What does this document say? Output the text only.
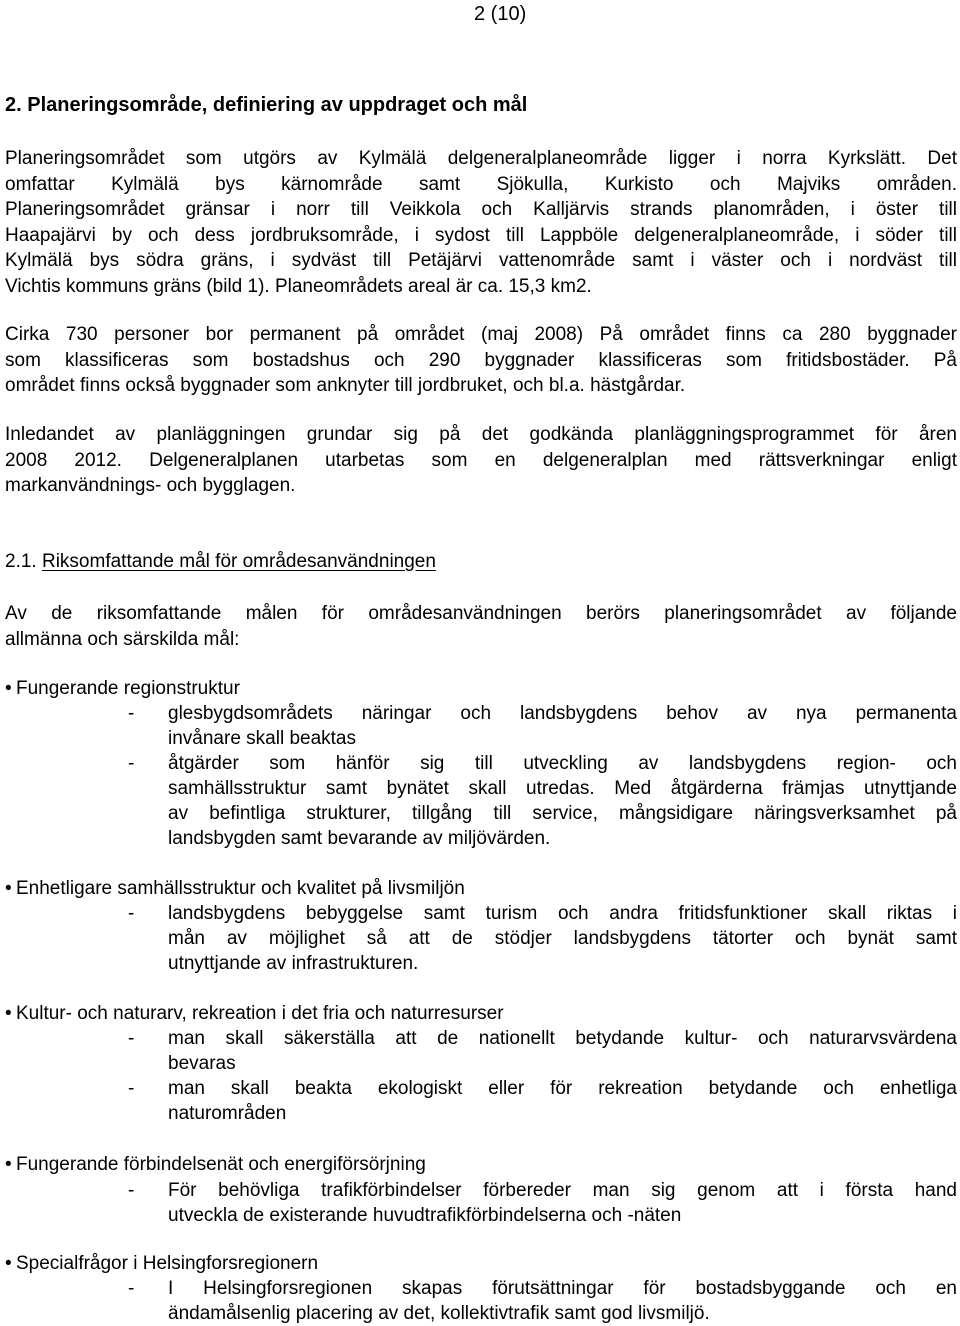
2 (10)
2. Planeringsområde, definiering av uppdraget och mål
Planeringsområdet som utgörs av Kylmälä delgeneralplaneområde ligger i norra Kyrkslätt. Det
omfattar Kylmälä bys kärnområde samt Sjökulla, Kurkisto och Majviks områden.
Planeringsområdet gränsar i norr till Veikkola och Kalljärvis strands planområden, i öster till
Haapajärvi by och dess jordbruksområde, i sydost till Lappböle delgeneralplaneområde, i söder till
Kylmälä bys södra gräns, i sydväst till Petäjärvi vattenområde samt i väster och i nordväst till
Vichtis kommuns gräns (bild 1). Planeområdets areal är ca. 15,3 km2.
Cirka 730 personer bor permanent på området (maj 2008) På området finns ca 280 byggnader
som klassificeras som bostadshus och 290 byggnader klassificeras som fritidsbostäder. På
området finns också byggnader som anknyter till jordbruket, och bl.a. hästgårdar.
Inledandet av planläggningen grundar sig på det godkända planläggningsprogrammet för åren
2008 2012. Delgeneralplanen utarbetas som en delgeneralplan med rättsverkningar enligt
markanvändnings- och bygglagen.
2.1. Riksomfattande mål för områdesanvändningen
Av de riksomfattande målen för områdesanvändningen berörs planeringsområdet av följande
allmänna och särskilda mål:
• Fungerande regionstruktur
- glesbygdsområdets näringar och landsbygdens behov av nya permanenta
invånare skall beaktas
- åtgärder som hänför sig till utveckling av landsbygdens region- och
samhällsstruktur samt bynätet skall utredas. Med åtgärderna främjas utnyttjande
av befintliga strukturer, tillgång till service, mångsidigare näringsverksamhet på
landsbygden samt bevarande av miljövärden.
• Enhetligare samhällsstruktur och kvalitet på livsmiljön
- landsbygdens bebyggelse samt turism och andra fritidsfunktioner skall riktas i
mån av möjlighet så att de stödjer landsbygdens tätorter och bynät samt
utnyttjande av infrastrukturen.
• Kultur- och naturarv, rekreation i det fria och naturresurser
- man skall säkerställa att de nationellt betydande kultur- och naturarvsvärdena
bevaras
- man skall beakta ekologiskt eller för rekreation betydande och enhetliga
naturområden
• Fungerande förbindelsenät och energiförsörjning
- För behövliga trafikförbindelser förbereder man sig genom att i första hand
utveckla de existerande huvudtrafikförbindelserna och -näten
• Specialfrågor i Helsingforsregionern
- I Helsingforsregionen skapas förutsättningar för bostadsbyggande och en
ändamålsenlig placering av det, kollektivtrafik samt god livsmiljö.
